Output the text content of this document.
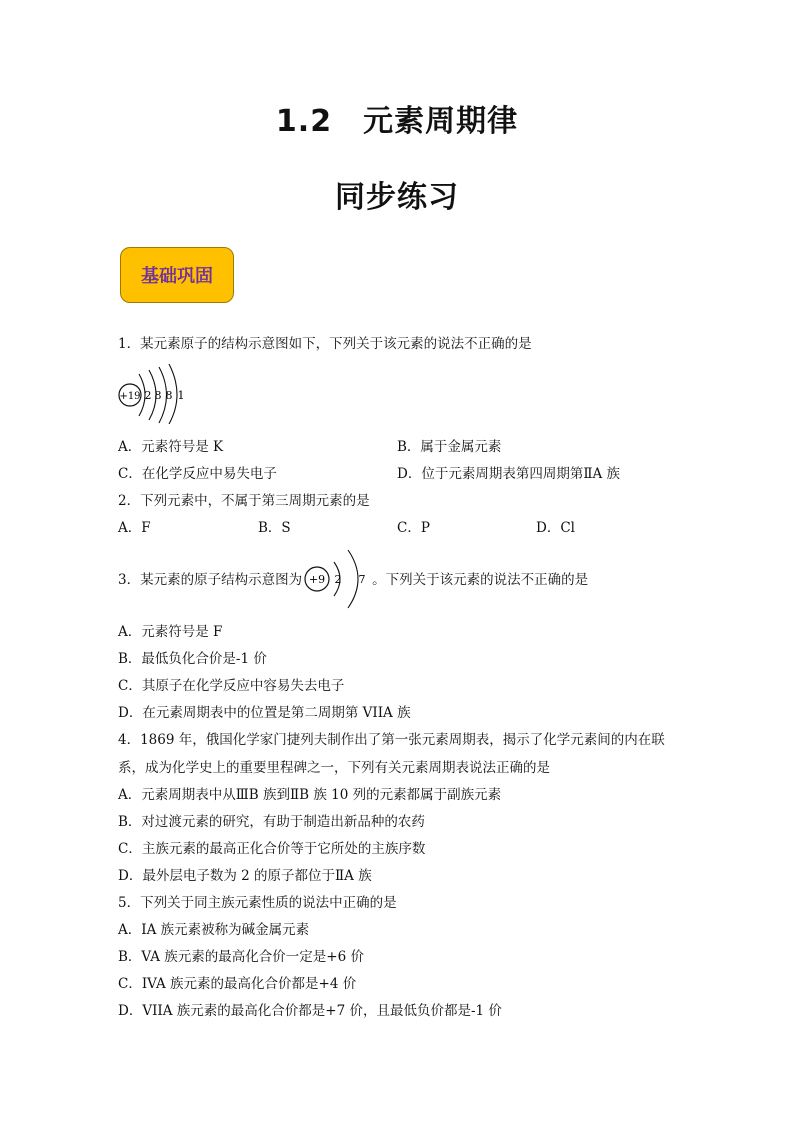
1.2　元素周期律
同步练习
基础巩固
1．某元素原子的结构示意图如下，下列关于该元素的说法不正确的是
+19 2 8 8 1
A．元素符号是 K	B．属于金属元素
C．在化学反应中易失电子	D．位于元素周期表第四周期第ⅡA 族
2．下列元素中，不属于第三周期元素的是
A．F	B．S	C．P	D．Cl
3．某元素的原子结构示意图为 +9 2 7 。下列关于该元素的说法不正确的是
A．元素符号是 F
B．最低负化合价是-1 价
C．其原子在化学反应中容易失去电子
D．在元素周期表中的位置是第二周期第 VIIA 族
4．1869 年，俄国化学家门捷列夫制作出了第一张元素周期表，揭示了化学元素间的内在联
系，成为化学史上的重要里程碑之一，下列有关元素周期表说法正确的是
A．元素周期表中从ⅢB 族到ⅡB 族 10 列的元素都属于副族元素
B．对过渡元素的研究，有助于制造出新品种的农药
C．主族元素的最高正化合价等于它所处的主族序数
D．最外层电子数为 2 的原子都位于ⅡA 族
5．下列关于同主族元素性质的说法中正确的是
A．IA 族元素被称为碱金属元素
B．VA 族元素的最高化合价一定是+6 价
C．IVA 族元素的最高化合价都是+4 价
D．VIIA 族元素的最高化合价都是+7 价，且最低负价都是-1 价
